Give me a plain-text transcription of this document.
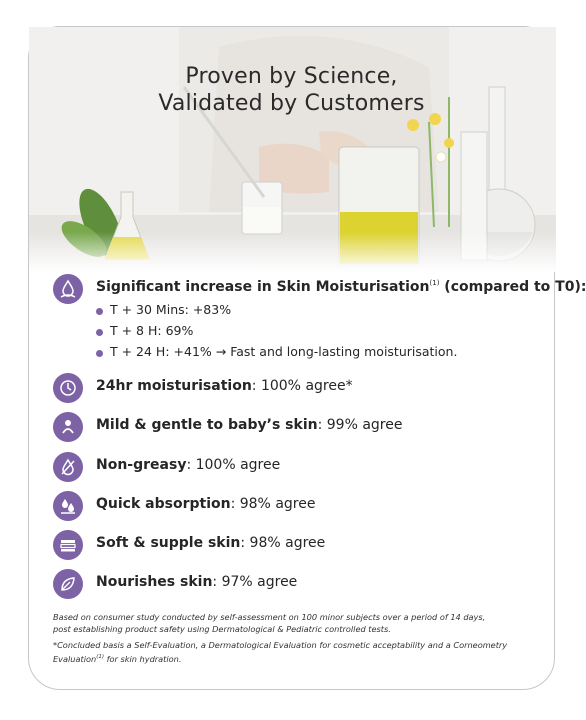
Proven by Science,
Validated by Customers
Significant increase in Skin Moisturisation$^{(1)}$ (compared to T0):
T + 30 Mins: +83%
T + 8 H: 69%
T + 24 H: +41% → Fast and long-lasting moisturisation.
24hr moisturisation: 100% agree*
Mild & gentle to baby’s skin: 99% agree
Non-greasy: 100% agree
Quick absorption: 98% agree
Soft & supple skin: 98% agree
Nourishes skin: 97% agree
Based on consumer study conducted by self-assessment on 100 minor subjects over a period of 14 days,
post establishing product safety using Dermatological & Pediatric controlled tests.
*Concluded basis a Self-Evaluation, a Dermatological Evaluation for cosmetic acceptability and a Corneometry
Evaluation$^{(1)}$ for skin hydration.
